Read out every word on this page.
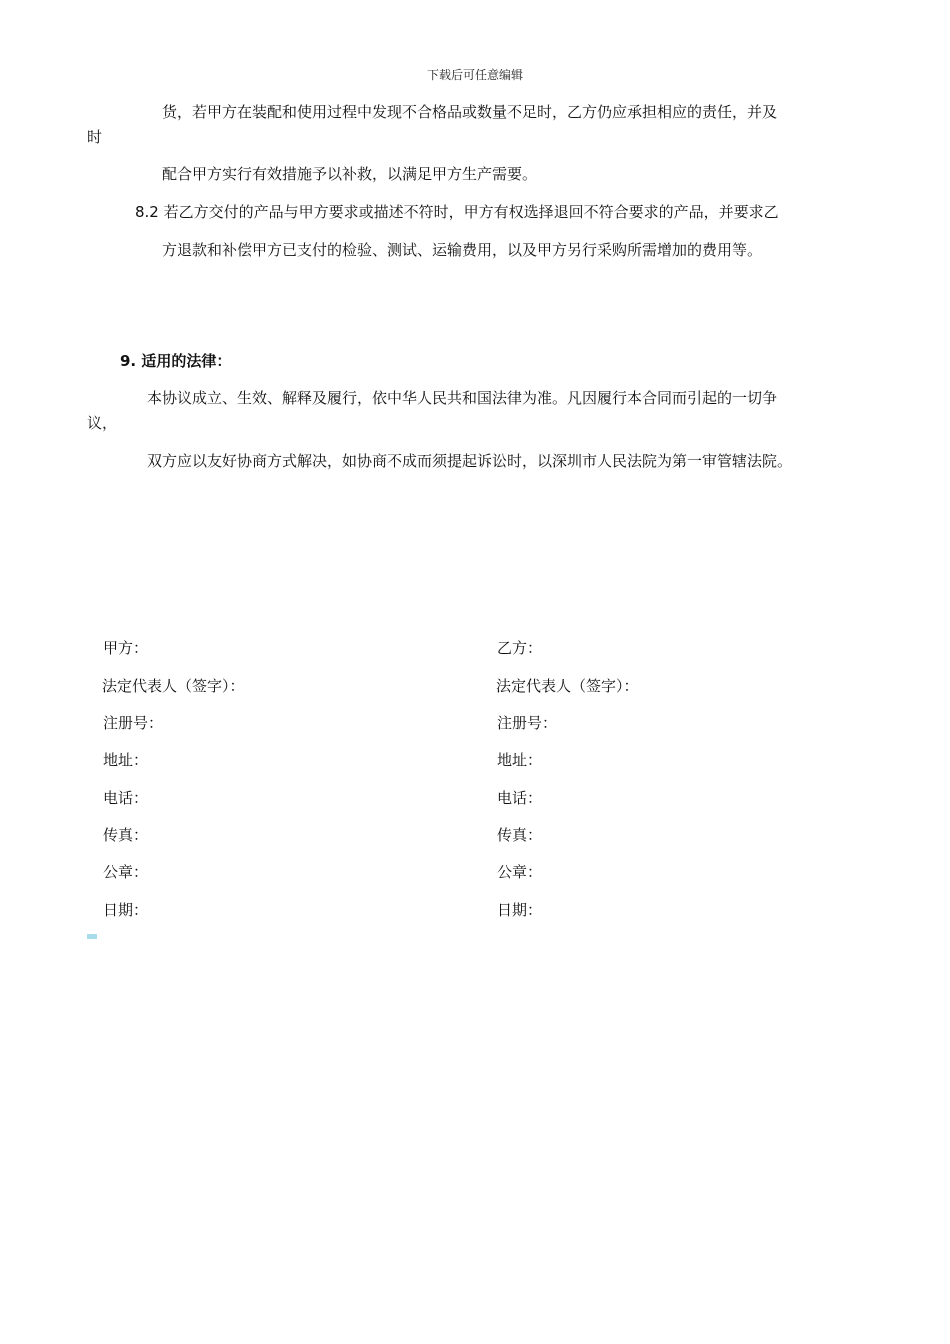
下载后可任意编辑
货，若甲方在装配和使用过程中发现不合格品或数量不足时，乙方仍应承担相应的责任，并及
时
配合甲方实行有效措施予以补救，以满足甲方生产需要。
8.2 若乙方交付的产品与甲方要求或描述不符时，甲方有权选择退回不符合要求的产品，并要求乙
方退款和补偿甲方已支付的检验、测试、运输费用，以及甲方另行采购所需增加的费用等。
9. 适用的法律：
本协议成立、生效、解释及履行，依中华人民共和国法律为准。凡因履行本合同而引起的一切争
议，
双方应以友好协商方式解决，如协商不成而须提起诉讼时，以深圳市人民法院为第一审管辖法院。
甲方：
法定代表人（签字）：
注册号：
地址：
电话：
传真：
公章：
日期：
乙方：
法定代表人（签字）：
注册号：
地址：
电话：
传真：
公章：
日期：
